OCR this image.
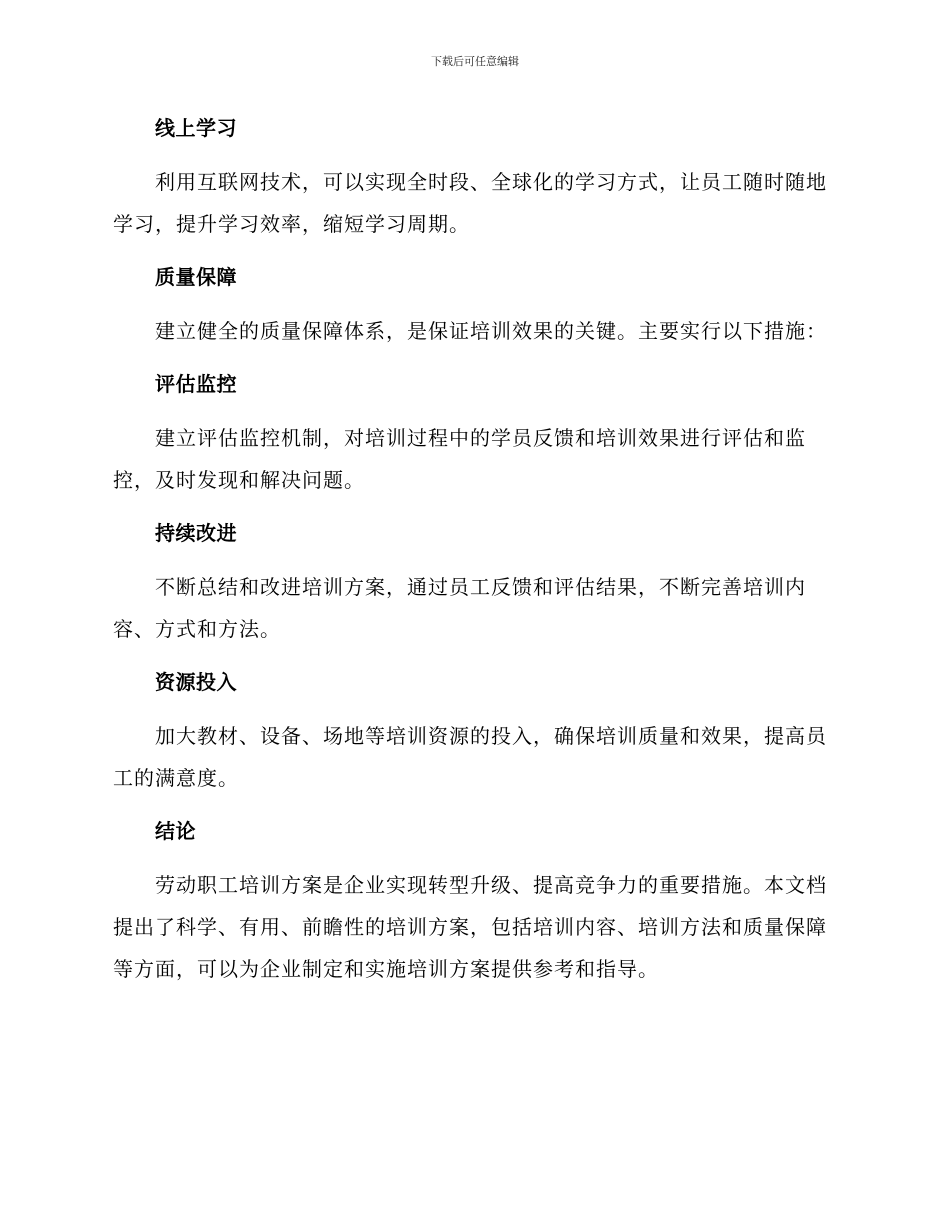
下载后可任意编辑
线上学习

利用互联网技术，可以实现全时段、全球化的学习方式，让员工随时随地学习，提升学习效率，缩短学习周期。

质量保障

建立健全的质量保障体系，是保证培训效果的关键。主要实行以下措施：

评估监控

建立评估监控机制，对培训过程中的学员反馈和培训效果进行评估和监控，及时发现和解决问题。

持续改进

不断总结和改进培训方案，通过员工反馈和评估结果，不断完善培训内容、方式和方法。

资源投入

加大教材、设备、场地等培训资源的投入，确保培训质量和效果，提高员工的满意度。

结论

劳动职工培训方案是企业实现转型升级、提高竞争力的重要措施。本文档提出了科学、有用、前瞻性的培训方案，包括培训内容、培训方法和质量保障等方面，可以为企业制定和实施培训方案提供参考和指导。
